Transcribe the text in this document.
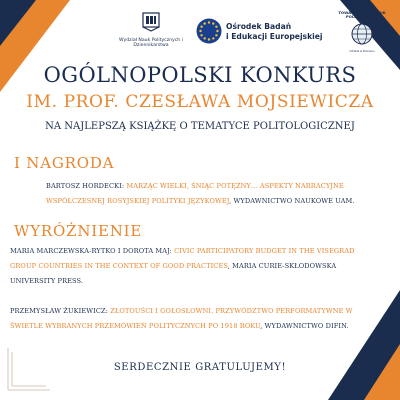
Wydział Nauk Politycznych i Dziennikarstwa
Ośrodek Badań
i Edukacji Europejskiej
POLSKIE TOWARZYSTWO NAUK POLITYCZNYCH
Oddział w Poznaniu
OGÓLNOPOLSKI KONKURS
IM. PROF. CZESŁAWA MOJSIEWICZA
NA NAJLEPSZĄ KSIĄŻKĘ O TEMATYCE POLITOLOGICZNEJ
I NAGRODA
BARTOSZ HORDECKI: MARZĄC WIELKI, ŚNIĄC POTĘŻNY… ASPEKTY NARRACYJNE WSPÓŁCZESNEJ ROSYJSKIEJ POLITYKI JĘZYKOWEJ, WYDAWNICTWO NAUKOWE UAM.
WYRÓŻNIENIE
MARIA MARCZEWSKA-RYTKO I DOROTA MAJ: CIVIC PARTICIPATORY BUDGET IN THE VISEGRAD GROUP COUNTRIES IN THE CONTEXT OF GOOD PRACTICES, MARIA CURIE-SKŁODOWSKA UNIVERSITY PRESS.
PRZEMYSŁAW ŻUKIEWICZ: ZŁOTOUŚCI I GOŁOSŁOWNI. PRZYWÓDZTWO PERFORMATYWNE W ŚWIETLE WYBRANYCH PRZEMÓWIEŃ POLITYCZNYCH PO 1918 ROKU, WYDAWNICTWO DIFIN.
SERDECZNIE GRATULUJEMY!
